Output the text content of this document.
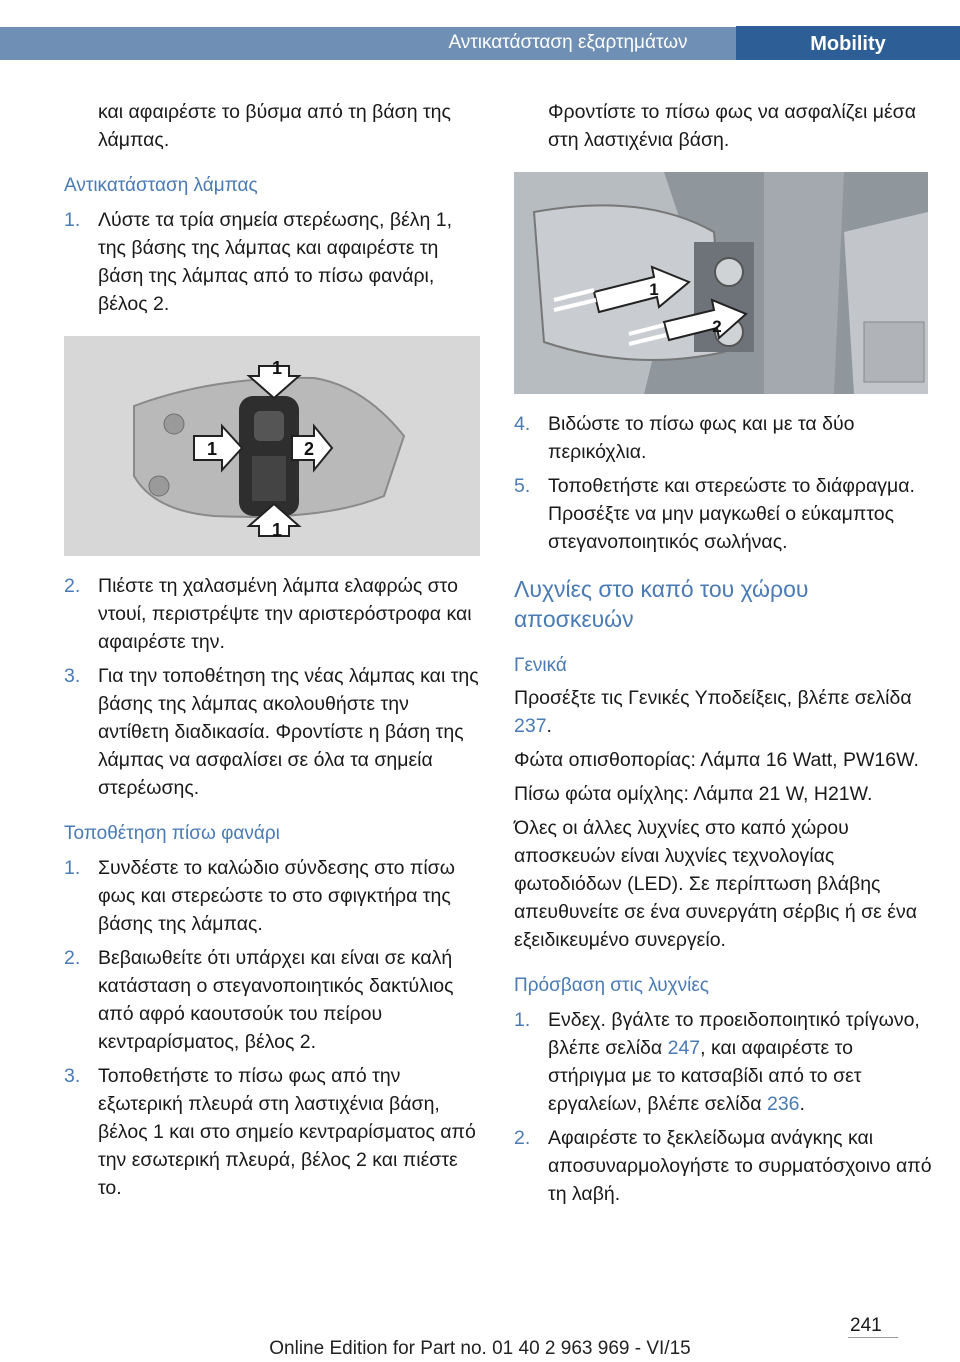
Αντικατάσταση εξαρτημάτων	Mobility

και αφαιρέστε το βύσμα από τη βάση της λάμπας.

Αντικατάσταση λάμπας
1. Λύστε τα τρία σημεία στερέωσης, βέλη 1, της βάσης της λάμπας και αφαιρέστε τη βάση της λάμπας από το πίσω φανάρι, βέλος 2.
1
1
1	2
2. Πιέστε τη χαλασμένη λάμπα ελαφρώς στο ντουί, περιστρέψτε την αριστερόστροφα και αφαιρέστε την.
3. Για την τοποθέτηση της νέας λάμπας και της βάσης της λάμπας ακολουθήστε την αντίθετη διαδικασία. Φροντίστε η βάση της λάμπας να ασφαλίσει σε όλα τα σημεία στερέωσης.
Τοποθέτηση πίσω φανάρι
1. Συνδέστε το καλώδιο σύνδεσης στο πίσω φως και στερεώστε το στο σφιγκτήρα της βάσης της λάμπας.
2. Βεβαιωθείτε ότι υπάρχει και είναι σε καλή κατάσταση ο στεγανοποιητικός δακτύλιος από αφρό καουτσούκ του πείρου κεντραρίσματος, βέλος 2.
3. Τοποθετήστε το πίσω φως από την εξωτερική πλευρά στη λαστιχένια βάση, βέλος 1 και στο σημείο κεντραρίσματος από την εσωτερική πλευρά, βέλος 2 και πιέστε το.

Φροντίστε το πίσω φως να ασφαλίζει μέσα στη λαστιχένια βάση.

1
2
4. Βιδώστε το πίσω φως και με τα δύο περικόχλια.
5. Τοποθετήστε και στερεώστε το διάφραγμα. Προσέξτε να μην μαγκωθεί ο εύκαμπτος στεγανοποιητικός σωλήνας.
Λυχνίες στο καπό του χώρου αποσκευών
Γενικά

Προσέξτε τις Γενικές Υποδείξεις, βλέπε σελίδα 237.

Φώτα οπισθοπορίας: Λάμπα 16 Watt, PW16W.

Πίσω φώτα ομίχλης: Λάμπα 21 W, H21W.

Όλες οι άλλες λυχνίες στο καπό χώρου αποσκευών είναι λυχνίες τεχνολογίας φωτοδιόδων (LED). Σε περίπτωση βλάβης απευθυνείτε σε ένα συνεργάτη σέρβις ή σε ένα εξειδικευμένο συνεργείο.

Πρόσβαση στις λυχνίες
1. Ενδεχ. βγάλτε το προειδοποιητικό τρίγωνο, βλέπε σελίδα 247, και αφαιρέστε το στήριγμα με το κατσαβίδι από το σετ εργαλείων, βλέπε σελίδα 236.
2. Αφαιρέστε το ξεκλείδωμα ανάγκης και αποσυναρμολογήστε το συρματόσχοινο από τη λαβή.
241
Online Edition for Part no. 01 40 2 963 969 - VI/15
